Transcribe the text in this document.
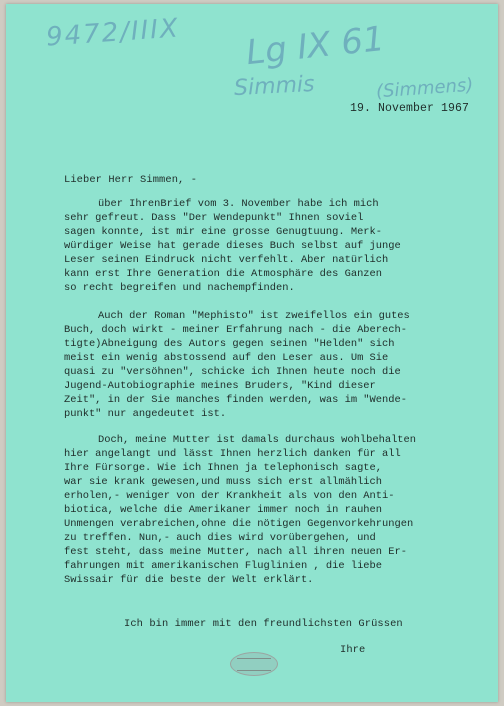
9472/IIIX Lg IX 61
Simmis	(Simmens)
19. November 1967
Lieber Herr Simmen, -
über IhrenBrief vom 3. November habe ich mich
sehr gefreut. Dass "Der Wendepunkt" Ihnen soviel
sagen konnte, ist mir eine grosse Genugtuung. Merk-
würdiger Weise hat gerade dieses Buch selbst auf junge
Leser seinen Eindruck nicht verfehlt. Aber natürlich
kann erst Ihre Generation die Atmosphäre des Ganzen
so recht begreifen und nachempfinden.
Auch der Roman "Mephisto" ist zweifellos ein gutes
Buch, doch wirkt - meiner Erfahrung nach - die Aberech-
tigte)Abneigung des Autors gegen seinen "Helden" sich
meist ein wenig abstossend auf den Leser aus. Um Sie
quasi zu "versöhnen", schicke ich Ihnen heute noch die
Jugend-Autobiographie meines Bruders, "Kind dieser
Zeit", in der Sie manches finden werden, was im "Wende-
punkt" nur angedeutet ist.
Doch, meine Mutter ist damals durchaus wohlbehalten
hier angelangt und lässt Ihnen herzlich danken für all
Ihre Fürsorge. Wie ich Ihnen ja telephonisch sagte,
war sie krank gewesen,und muss sich erst allmählich
erholen,- weniger von der Krankheit als von den Anti-
biotica, welche die Amerikaner immer noch in rauhen
Unmengen verabreichen,ohne die nötigen Gegenvorkehrungen
zu treffen. Nun,- auch dies wird vorübergehen, und
fest steht, dass meine Mutter, nach all ihren neuen Er-
fahrungen mit amerikanischen Fluglinien , die liebe
Swissair für die beste der Welt erklärt.
Ich bin immer mit den freundlichsten Grüssen
Ihre
